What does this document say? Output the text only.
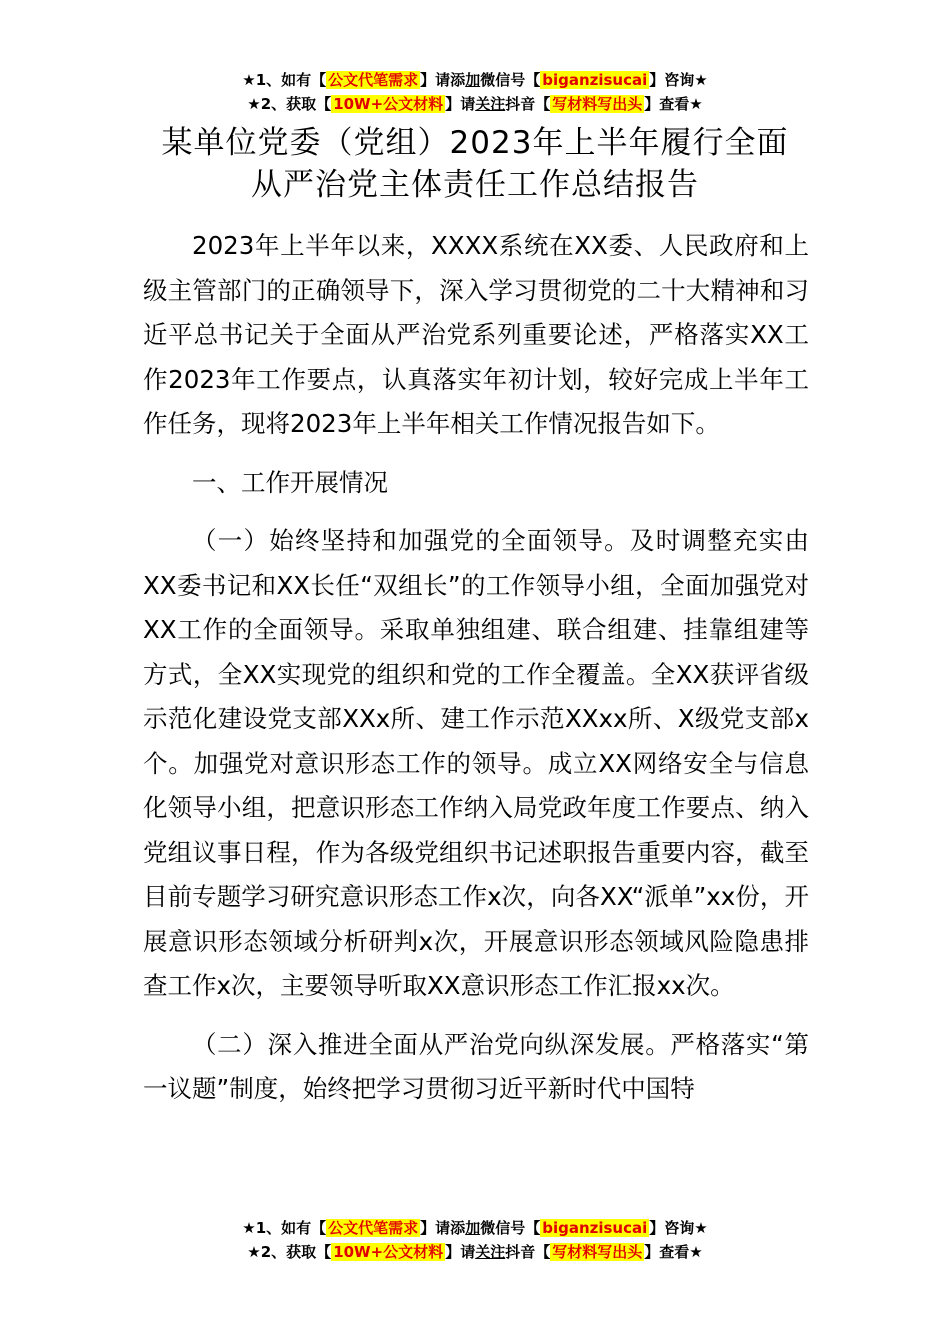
★1、如有【 公文代笔需求 】请添加微信号【 biganzisucai 】咨询★
★2、获取【 10W+公文材料 】请关注抖音【 写材料写出头 】查看★
某单位党委（党组）2023年上半年履行全面
从严治党主体责任工作总结报告

2023年上半年以来，XXXX系统在XX委、人民政府和上级主管部门的正确领导下，深入学习贯彻党的二十大精神和习近平总书记关于全面从严治党系列重要论述，严格落实XX工作2023年工作要点，认真落实年初计划，较好完成上半年工作任务，现将2023年上半年相关工作情况报告如下。

一、工作开展情况

（一）始终坚持和加强党的全面领导。及时调整充实由XX委书记和XX长任“双组长”的工作领导小组，全面加强党对XX工作的全面领导。采取单独组建、联合组建、挂靠组建等方式，全XX实现党的组织和党的工作全覆盖。全XX获评省级示范化建设党支部XXx所、建工作示范XXxx所、X级党支部x个。加强党对意识形态工作的领导。成立XX网络安全与信息化领导小组，把意识形态工作纳入局党政年度工作要点、纳入党组议事日程，作为各级党组织书记述职报告重要内容，截至目前专题学习研究意识形态工作x次，向各XX“派单”xx份，开展意识形态领域分析研判x次，开展意识形态领域风险隐患排查工作x次，主要领导听取XX意识形态工作汇报xx次。

（二）深入推进全面从严治党向纵深发展。严格落实“第一议题”制度，始终把学习贯彻习近平新时代中国特

★1、如有【 公文代笔需求 】请添加微信号【 biganzisucai 】咨询★
★2、获取【 10W+公文材料 】请关注抖音【 写材料写出头 】查看★
